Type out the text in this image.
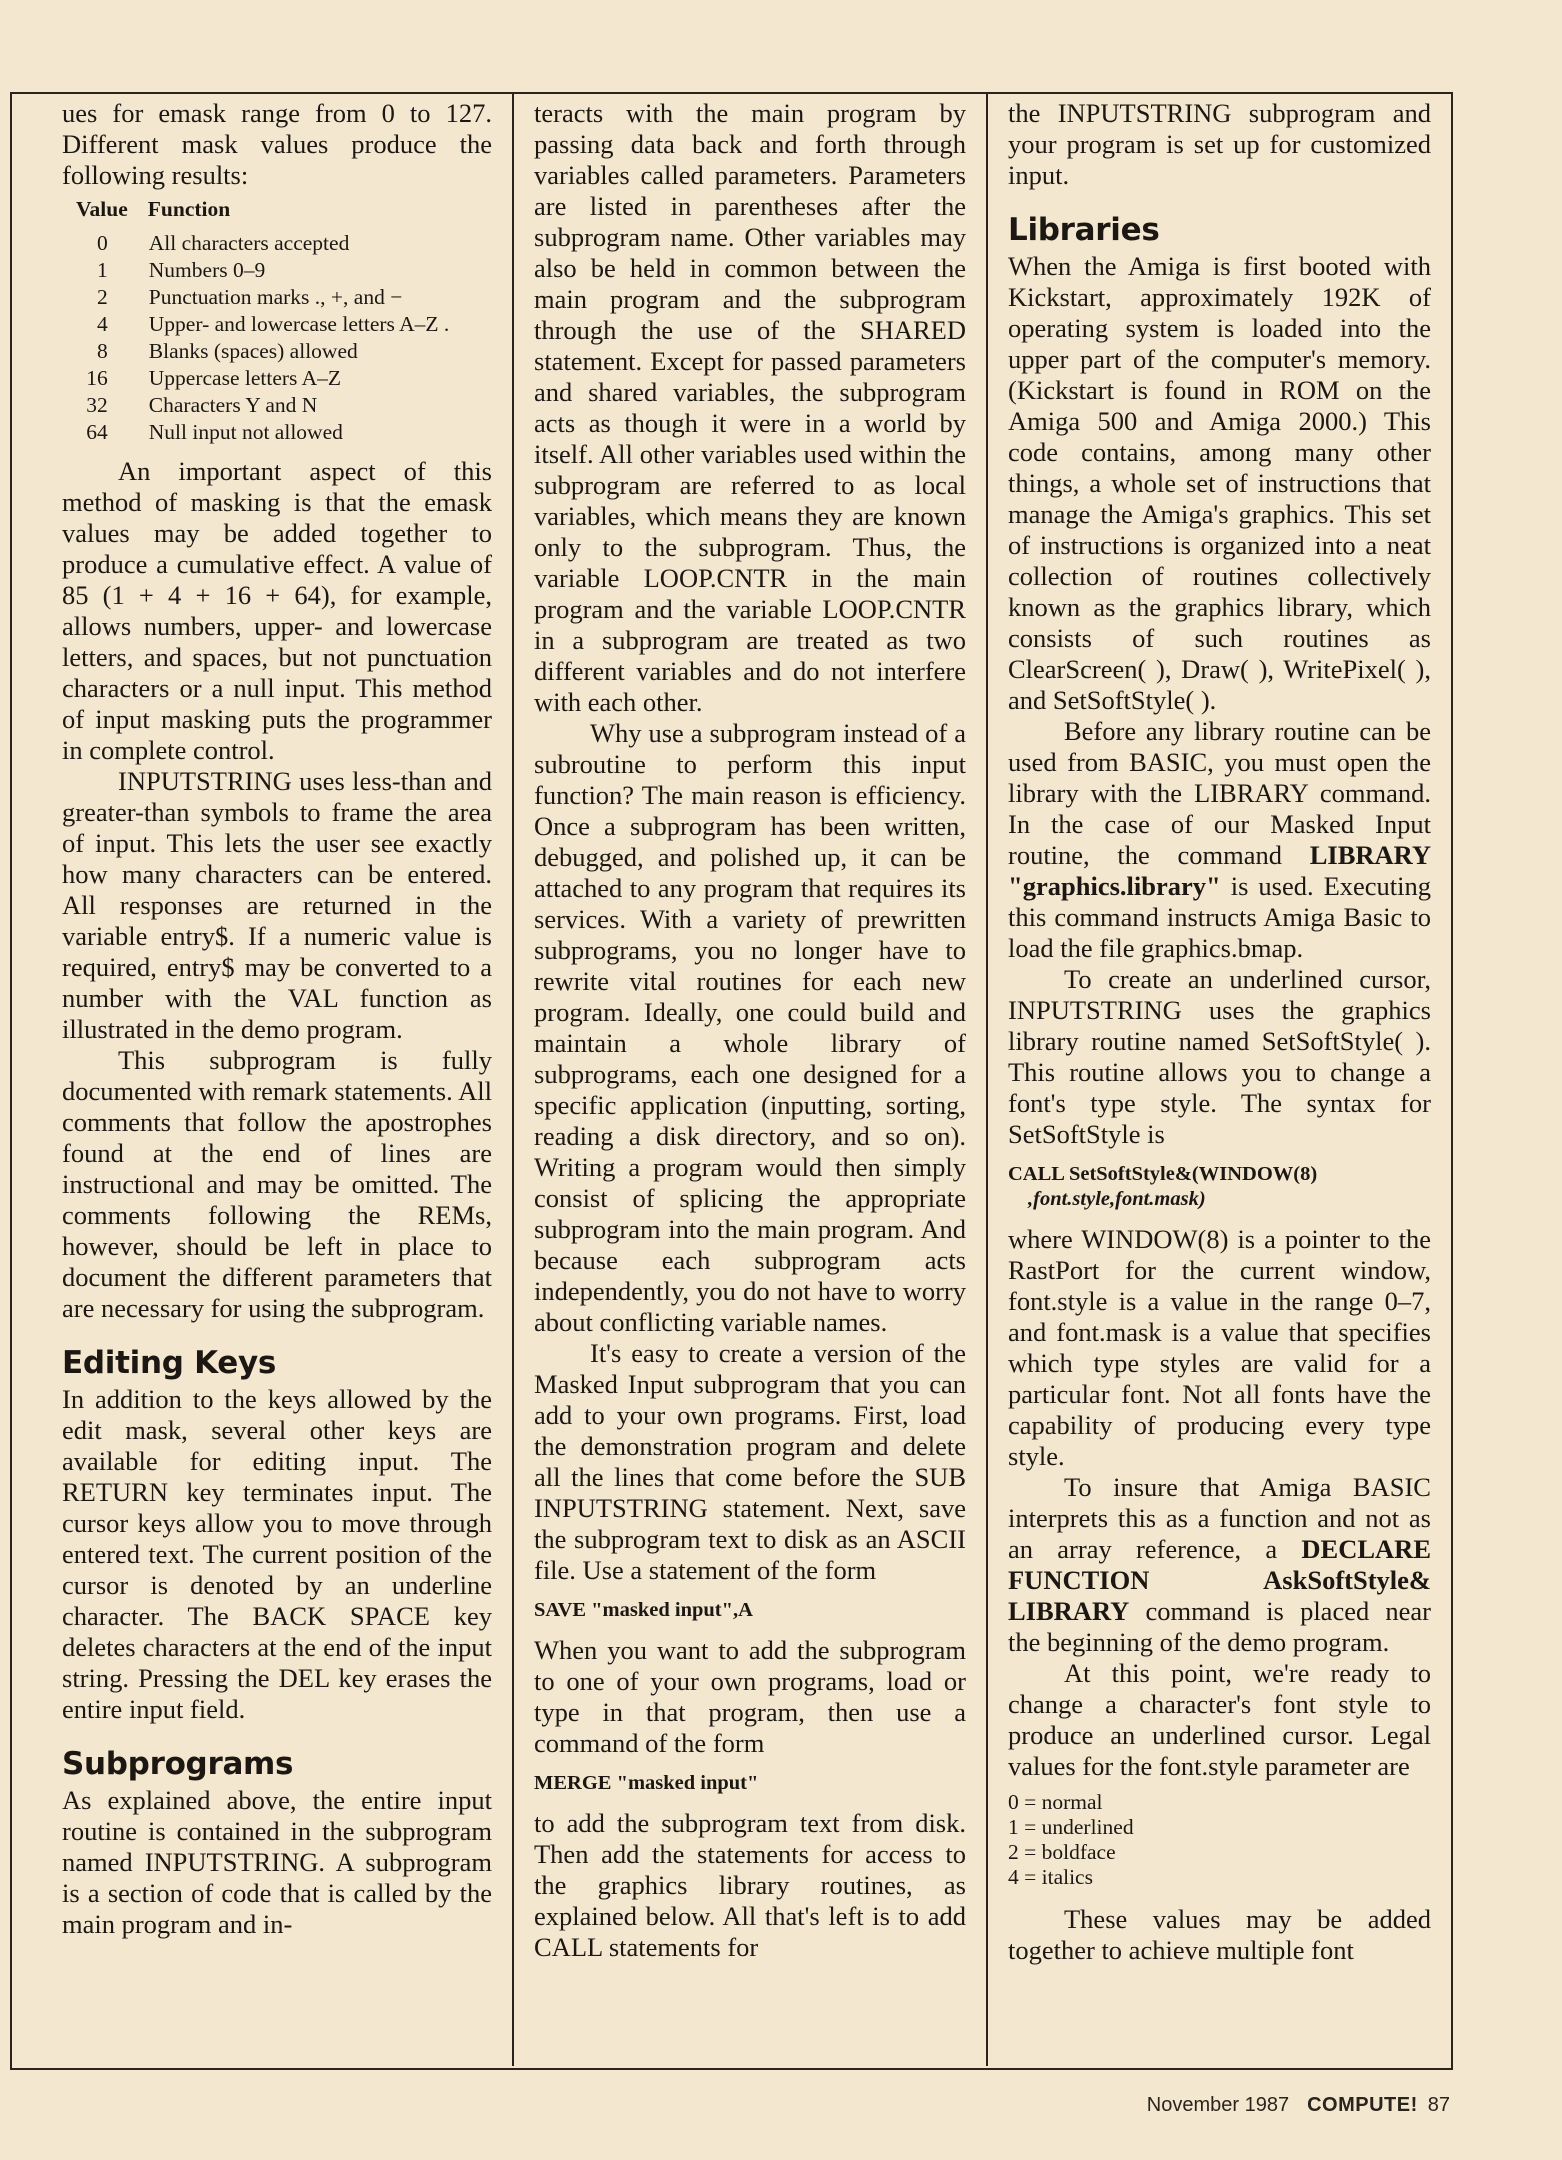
ues for emask range from 0 to 127. Different mask values produce the following results:

Value	Function
0	All characters accepted
1	Numbers 0–9
2	Punctuation marks ., +, and −
4	Upper- and lowercase letters A–Z .
8	Blanks (spaces) allowed
16	Uppercase letters A–Z
32	Characters Y and N
64	Null input not allowed

An important aspect of this method of masking is that the emask values may be added together to produce a cumulative effect. A value of 85 (1 + 4 + 16 + 64), for example, allows numbers, upper- and lowercase letters, and spaces, but not punctuation characters or a null input. This method of input masking puts the programmer in complete control.

INPUTSTRING uses less-than and greater-than symbols to frame the area of input. This lets the user see exactly how many characters can be entered. All responses are returned in the variable entry$. If a numeric value is required, entry$ may be converted to a number with the VAL function as illustrated in the demo program.

This subprogram is fully documented with remark statements. All comments that follow the apostrophes found at the end of lines are instructional and may be omitted. The comments following the REMs, however, should be left in place to document the different parameters that are necessary for using the subprogram.

Editing Keys

In addition to the keys allowed by the edit mask, several other keys are available for editing input. The RETURN key terminates input. The cursor keys allow you to move through entered text. The current position of the cursor is denoted by an underline character. The BACK SPACE key deletes characters at the end of the input string. Pressing the DEL key erases the entire input field.

Subprograms

As explained above, the entire input routine is contained in the subprogram named INPUTSTRING. A subprogram is a section of code that is called by the main program and in-

teracts with the main program by passing data back and forth through variables called parameters. Parameters are listed in parentheses after the subprogram name. Other variables may also be held in common between the main program and the subprogram through the use of the SHARED statement. Except for passed parameters and shared variables, the subprogram acts as though it were in a world by itself. All other variables used within the subprogram are referred to as local variables, which means they are known only to the subprogram. Thus, the variable LOOP.CNTR in the main program and the variable LOOP.CNTR in a subprogram are treated as two different variables and do not interfere with each other.

Why use a subprogram instead of a subroutine to perform this input function? The main reason is efficiency. Once a subprogram has been written, debugged, and polished up, it can be attached to any program that requires its services. With a variety of prewritten subprograms, you no longer have to rewrite vital routines for each new program. Ideally, one could build and maintain a whole library of subprograms, each one designed for a specific application (inputting, sorting, reading a disk directory, and so on). Writing a program would then simply consist of splicing the appropriate subprogram into the main program. And because each subprogram acts independently, you do not have to worry about conflicting variable names.

It's easy to create a version of the Masked Input subprogram that you can add to your own programs. First, load the demonstration program and delete all the lines that come before the SUB INPUTSTRING statement. Next, save the subprogram text to disk as an ASCII file. Use a statement of the form

SAVE "masked input",A

When you want to add the subprogram to one of your own programs, load or type in that program, then use a command of the form

MERGE "masked input"

to add the subprogram text from disk. Then add the statements for access to the graphics library routines, as explained below. All that's left is to add CALL statements for

the INPUTSTRING subprogram and your program is set up for customized input.

Libraries

When the Amiga is first booted with Kickstart, approximately 192K of operating system is loaded into the upper part of the computer's memory. (Kickstart is found in ROM on the Amiga 500 and Amiga 2000.) This code contains, among many other things, a whole set of instructions that manage the Amiga's graphics. This set of instructions is organized into a neat collection of routines collectively known as the graphics library, which consists of such routines as ClearScreen( ), Draw( ), WritePixel( ), and SetSoftStyle( ).

Before any library routine can be used from BASIC, you must open the library with the LIBRARY command. In the case of our Masked Input routine, the command LIBRARY "graphics.library" is used. Executing this command instructs Amiga Basic to load the file graphics.bmap.

To create an underlined cursor, INPUTSTRING uses the graphics library routine named SetSoftStyle( ). This routine allows you to change a font's type style. The syntax for SetSoftStyle is

CALL SetSoftStyle&(WINDOW(8)
,font.style,font.mask)

where WINDOW(8) is a pointer to the RastPort for the current window, font.style is a value in the range 0–7, and font.mask is a value that specifies which type styles are valid for a particular font. Not all fonts have the capability of producing every type style.

To insure that Amiga BASIC interprets this as a function and not as an array reference, a DECLARE FUNCTION AskSoftStyle& LIBRARY command is placed near the beginning of the demo program.

At this point, we're ready to change a character's font style to produce an underlined cursor. Legal values for the font.style parameter are

0 = normal
1 = underlined
2 = boldface
4 = italics

These values may be added together to achieve multiple font

November 1987 COMPUTE! 87
